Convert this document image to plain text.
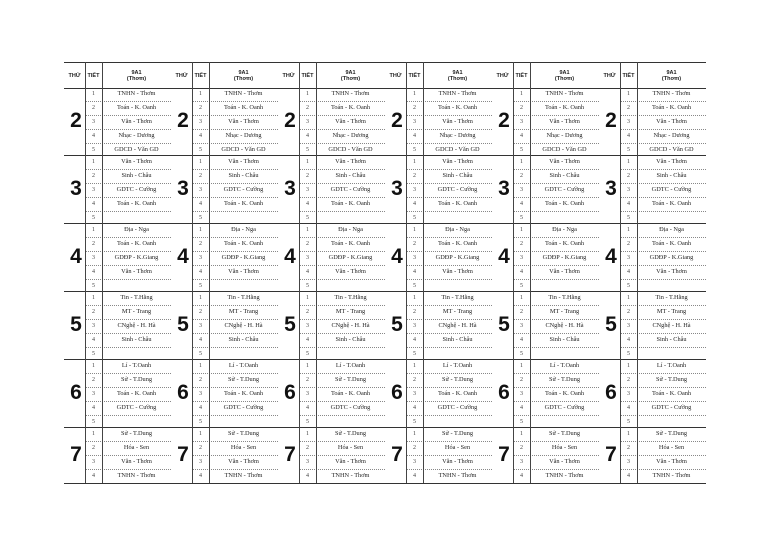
THỨ	TIẾT	9A1
(Thơm)
2
1	TNHN - Thơm
2	Toán - K. Oanh
3	Văn - Thơm
4	Nhạc - Dương
5	GDCD - Văn GD
3
1	Văn - Thơm
2	Sinh - Châu
3	GDTC - Cường
4	Toán - K. Oanh
5
4
1	Địa - Nga
2	Toán - K. Oanh
3	GDĐP - K.Giang
4	Văn - Thơm
5
5
1	Tin - T.Hằng
2	MT - Trang
3	CNghệ - H. Hà
4	Sinh - Châu
5
6
1	Lí - T.Oanh
2	Sử - T.Dung
3	Toán - K. Oanh
4	GDTC - Cường
5
7
1	Sử - T.Dung
2	Hóa - Sen
3	Văn - Thơm
4	TNHN - Thơm
THỨ	TIẾT	9A1
(Thơm)
2
1	TNHN - Thơm
2	Toán - K. Oanh
3	Văn - Thơm
4	Nhạc - Dương
5	GDCD - Văn GD
3
1	Văn - Thơm
2	Sinh - Châu
3	GDTC - Cường
4	Toán - K. Oanh
5
4
1	Địa - Nga
2	Toán - K. Oanh
3	GDĐP - K.Giang
4	Văn - Thơm
5
5
1	Tin - T.Hằng
2	MT - Trang
3	CNghệ - H. Hà
4	Sinh - Châu
5
6
1	Lí - T.Oanh
2	Sử - T.Dung
3	Toán - K. Oanh
4	GDTC - Cường
5
7
1	Sử - T.Dung
2	Hóa - Sen
3	Văn - Thơm
4	TNHN - Thơm
THỨ	TIẾT	9A1
(Thơm)
2
1	TNHN - Thơm
2	Toán - K. Oanh
3	Văn - Thơm
4	Nhạc - Dương
5	GDCD - Văn GD
3
1	Văn - Thơm
2	Sinh - Châu
3	GDTC - Cường
4	Toán - K. Oanh
5
4
1	Địa - Nga
2	Toán - K. Oanh
3	GDĐP - K.Giang
4	Văn - Thơm
5
5
1	Tin - T.Hằng
2	MT - Trang
3	CNghệ - H. Hà
4	Sinh - Châu
5
6
1	Lí - T.Oanh
2	Sử - T.Dung
3	Toán - K. Oanh
4	GDTC - Cường
5
7
1	Sử - T.Dung
2	Hóa - Sen
3	Văn - Thơm
4	TNHN - Thơm
THỨ	TIẾT	9A1
(Thơm)
2
1	TNHN - Thơm
2	Toán - K. Oanh
3	Văn - Thơm
4	Nhạc - Dương
5	GDCD - Văn GD
3
1	Văn - Thơm
2	Sinh - Châu
3	GDTC - Cường
4	Toán - K. Oanh
5
4
1	Địa - Nga
2	Toán - K. Oanh
3	GDĐP - K.Giang
4	Văn - Thơm
5
5
1	Tin - T.Hằng
2	MT - Trang
3	CNghệ - H. Hà
4	Sinh - Châu
5
6
1	Lí - T.Oanh
2	Sử - T.Dung
3	Toán - K. Oanh
4	GDTC - Cường
5
7
1	Sử - T.Dung
2	Hóa - Sen
3	Văn - Thơm
4	TNHN - Thơm
THỨ	TIẾT	9A1
(Thơm)
2
1	TNHN - Thơm
2	Toán - K. Oanh
3	Văn - Thơm
4	Nhạc - Dương
5	GDCD - Văn GD
3
1	Văn - Thơm
2	Sinh - Châu
3	GDTC - Cường
4	Toán - K. Oanh
5
4
1	Địa - Nga
2	Toán - K. Oanh
3	GDĐP - K.Giang
4	Văn - Thơm
5
5
1	Tin - T.Hằng
2	MT - Trang
3	CNghệ - H. Hà
4	Sinh - Châu
5
6
1	Lí - T.Oanh
2	Sử - T.Dung
3	Toán - K. Oanh
4	GDTC - Cường
5
7
1	Sử - T.Dung
2	Hóa - Sen
3	Văn - Thơm
4	TNHN - Thơm
THỨ	TIẾT	9A1
(Thơm)
2
1	TNHN - Thơm
2	Toán - K. Oanh
3	Văn - Thơm
4	Nhạc - Dương
5	GDCD - Văn GD
3
1	Văn - Thơm
2	Sinh - Châu
3	GDTC - Cường
4	Toán - K. Oanh
5
4
1	Địa - Nga
2	Toán - K. Oanh
3	GDĐP - K.Giang
4	Văn - Thơm
5
5
1	Tin - T.Hằng
2	MT - Trang
3	CNghệ - H. Hà
4	Sinh - Châu
5
6
1	Lí - T.Oanh
2	Sử - T.Dung
3	Toán - K. Oanh
4	GDTC - Cường
5
7
1	Sử - T.Dung
2	Hóa - Sen
3	Văn - Thơm
4	TNHN - Thơm
